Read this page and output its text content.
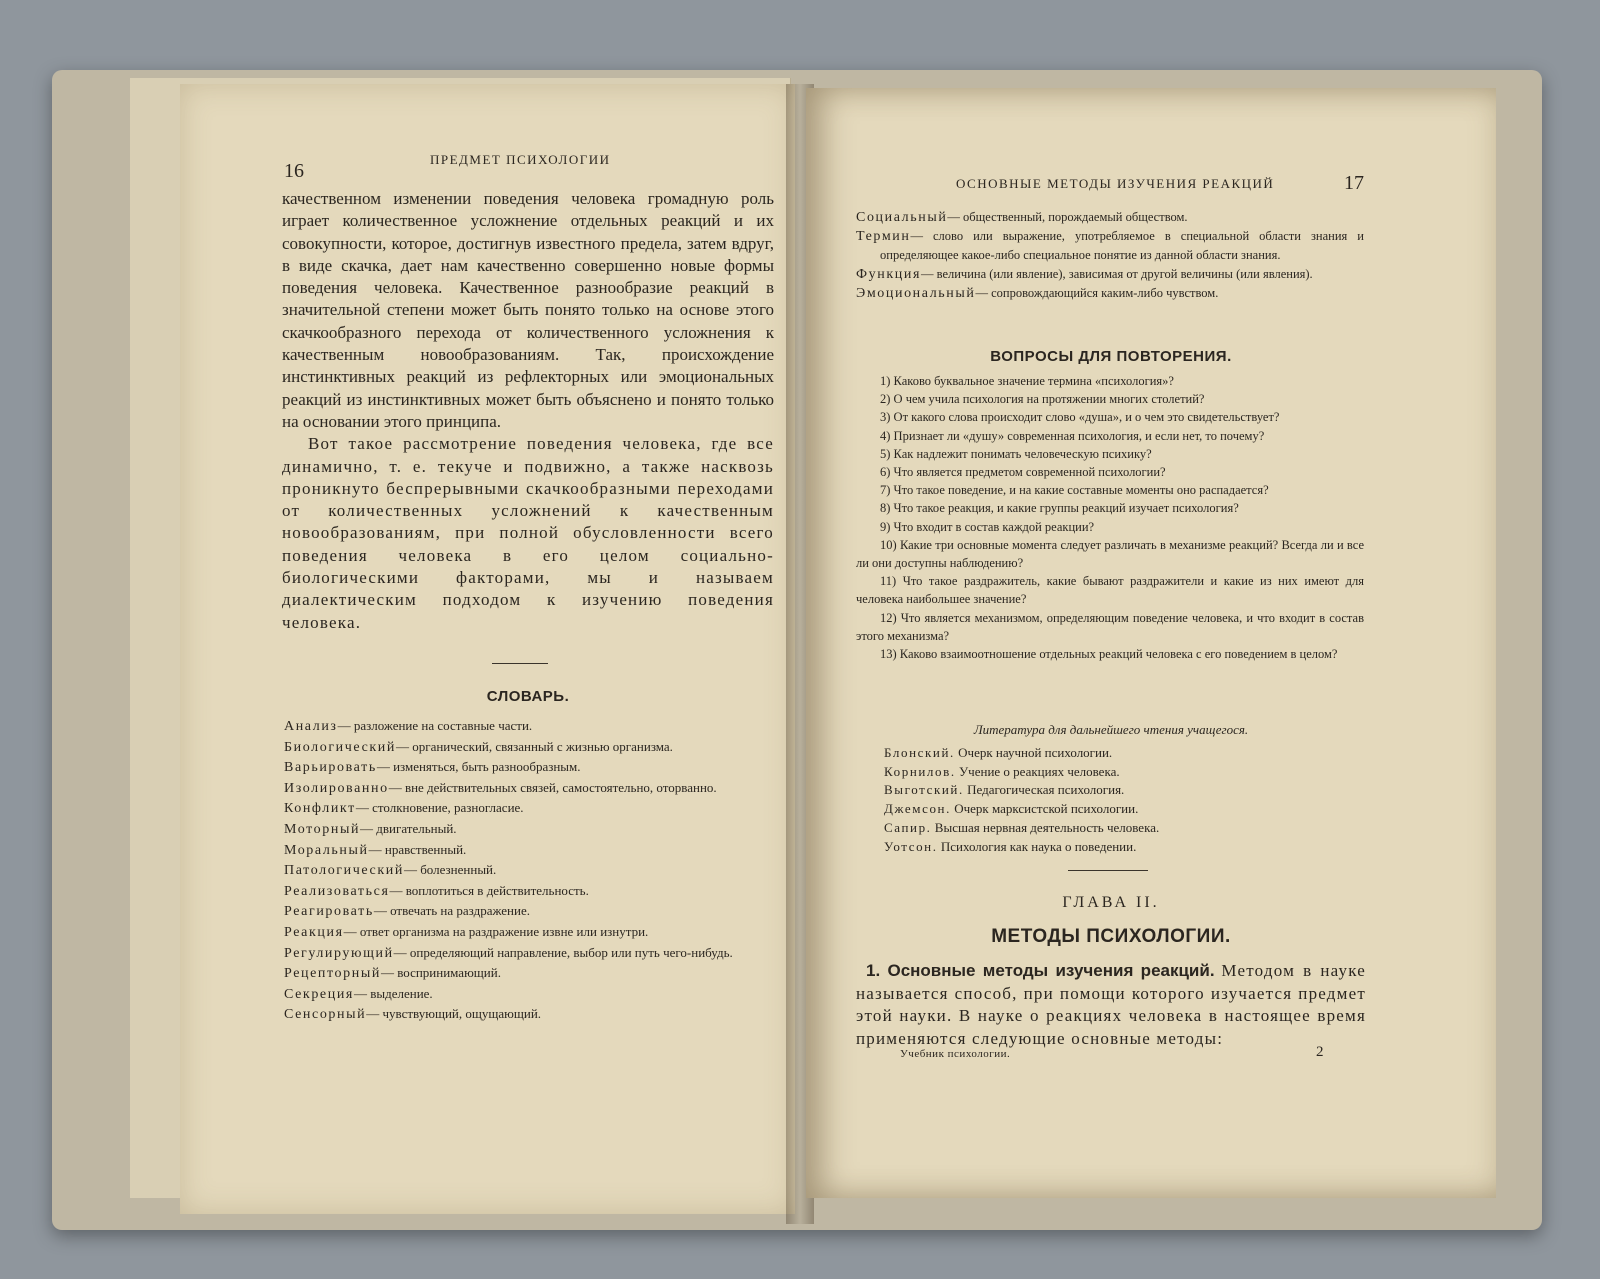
16
ПРЕДМЕТ ПСИХОЛОГИИ

качественном изменении поведения человека громадную роль играет количественное усложнение отдельных реакций и их совокупности, которое, достигнув известного предела, затем вдруг, в виде скачка, дает нам качественно совершенно новые формы поведения человека. Качественное разнообразие реакций в значительной степени может быть понято только на основе этого скачкообразного перехода от количественного усложнения к качественным новообразованиям. Так, происхождение инстинктивных реакций из рефлекторных или эмоциональных реакций из инстинктивных может быть объяснено и понято только на основании этого принципа.

Вот такое рассмотрение поведения человека, где все динамично, т. е. текуче и подвижно, а также насквозь проникнуто беспрерывными скачкообразными переходами от количественных усложнений к качественным новообразованиям, при полной обусловленности всего поведения человека в его целом социально-биологическими факторами, мы и называем диалектическим подходом к изучению поведения человека.

СЛОВАРЬ.
Анализ— разложение на составные части.
Биологический— органический, связанный с жизнью организма.
Варьировать— изменяться, быть разнообразным.
Изолированно— вне действительных связей, самостоятельно, оторванно.
Конфликт— столкновение, разногласие.
Моторный— двигательный.
Моральный— нравственный.
Патологический— болезненный.
Реализоваться— воплотиться в действительность.
Реагировать— отвечать на раздражение.
Реакция— ответ организма на раздражение извне или изнутри.
Регулирующий— определяющий направление, выбор или путь чего-нибудь.
Рецепторный— воспринимающий.
Секреция— выделение.
Сенсорный— чувствующий, ощущающий.
ОСНОВНЫЕ МЕТОДЫ ИЗУЧЕНИЯ РЕАКЦИЙ	17
Социальный— общественный, порождаемый обществом.
Термин— слово или выражение, употребляемое в специальной области знания и определяющее какое-либо специальное понятие из данной области знания.
Функция— величина (или явление), зависимая от другой величины (или явления).
Эмоциональный— сопровождающийся каким-либо чувством.
ВОПРОСЫ ДЛЯ ПОВТОРЕНИЯ.
1) Каково буквальное значение термина «психология»?
2) О чем учила психология на протяжении многих столетий?
3) От какого слова происходит слово «душа», и о чем это свидетельствует?
4) Признает ли «душу» современная психология, и если нет, то почему?
5) Как надлежит понимать человеческую психику?
6) Что является предметом современной психологии?
7) Что такое поведение, и на какие составные моменты оно распадается?
8) Что такое реакция, и какие группы реакций изучает психология?
9) Что входит в состав каждой реакции?
10) Какие три основные момента следует различать в механизме реакций? Всегда ли и все ли они доступны наблюдению?
11) Что такое раздражитель, какие бывают раздражители и какие из них имеют для человека наибольшее значение?
12) Что является механизмом, определяющим поведение человека, и что входит в состав этого механизма?
13) Каково взаимоотношение отдельных реакций человека с его поведением в целом?
Литература для дальнейшего чтения учащегося.
Блонский. Очерк научной психологии.
Корнилов. Учение о реакциях человека.
Выготский. Педагогическая психология.
Джемсон. Очерк марксистской психологии.
Сапир. Высшая нервная деятельность человека.
Уотсон. Психология как наука о поведении.
ГЛАВА II.
МЕТОДЫ ПСИХОЛОГИИ.
1. Основные методы изучения реакций. Методом в науке называется способ, при помощи которого изучается предмет этой науки. В науке о реакциях человека в настоящее время применяются следующие основные методы:
Учебник психологии.	2
